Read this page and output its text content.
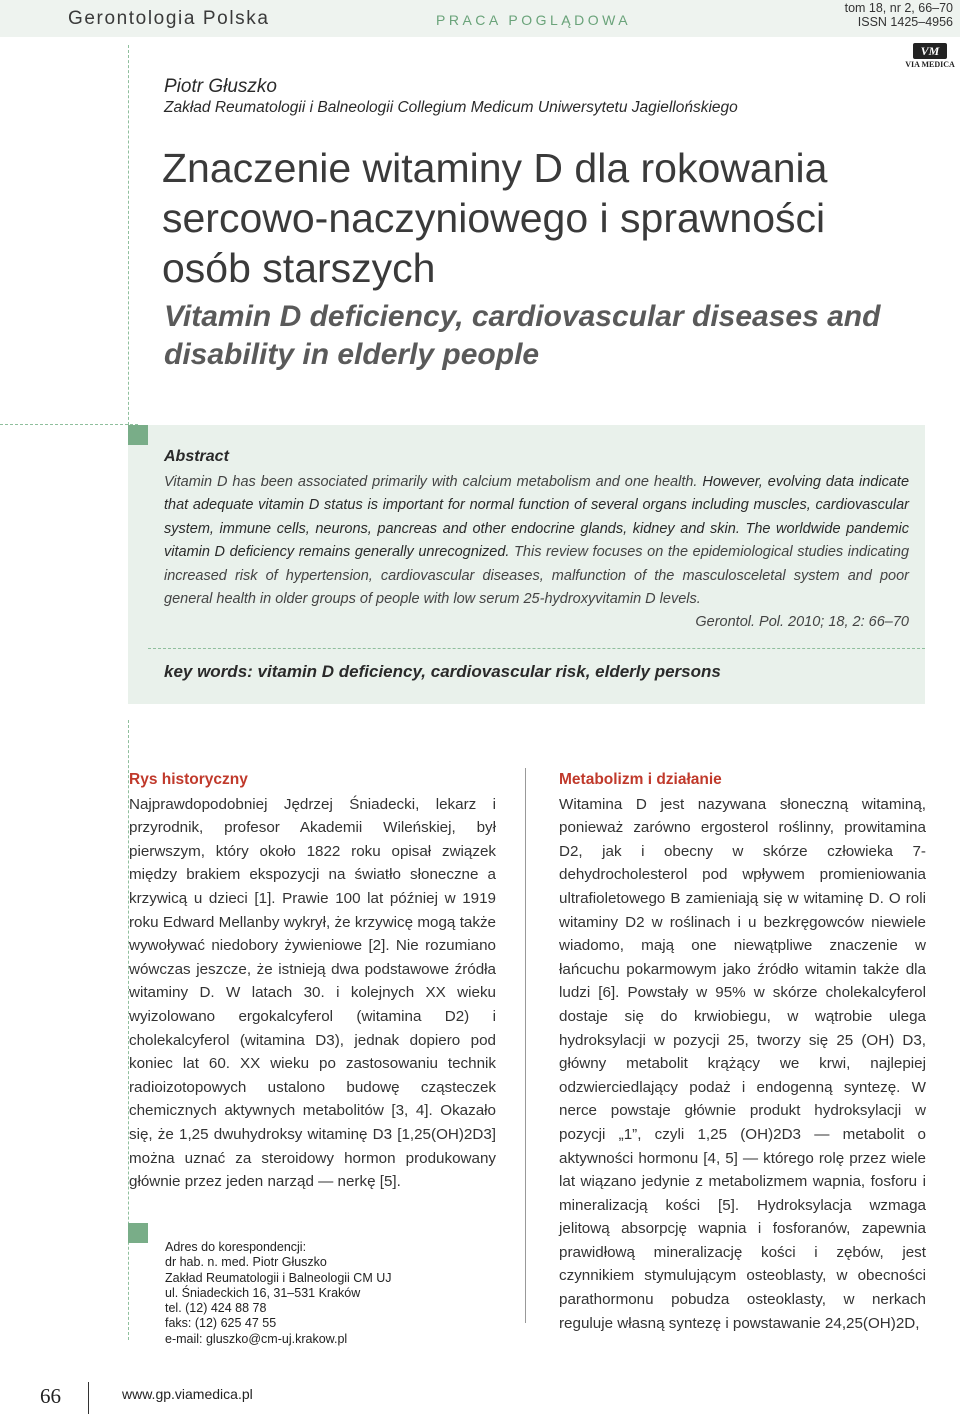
Gerontologia Polska	PRACA POGLĄDOWA
tom 18, nr 2, 66–70
ISSN 1425–4956
VM
VIA MEDICA
Piotr Głuszko
Zakład Reumatologii i Balneologii Collegium Medicum Uniwersytetu Jagiellońskiego
Znaczenie witaminy D dla rokowania sercowo-naczyniowego i sprawności osób starszych
Vitamin D deficiency, cardiovascular diseases and disability in elderly people
Abstract
Vitamin D has been associated primarily with calcium metabolism and one health. However, evolving data indicate that adequate vitamin D status is important for normal function of several organs including muscles, cardiovascular system, immune cells, neurons, pancreas and other endocrine glands, kidney and skin. The worldwide pandemic vitamin D deficiency remains generally unrecognized. This review focuses on the epidemiological studies indicating increased risk of hypertension, cardiovascular diseases, malfunction of the masculosceletal system and poor general health in older groups of people with low serum 25-hydroxyvitamin D levels.
Gerontol. Pol. 2010; 18, 2: 66–70
key words: vitamin D deficiency, cardiovascular risk, elderly persons
Rys historyczny
Najprawdopodobniej Jędrzej Śniadecki, lekarz i przyrodnik, profesor Akademii Wileńskiej, był pierwszym, który około 1822 roku opisał związek między brakiem ekspozycji na światło słoneczne a krzywicą u dzieci [1]. Prawie 100 lat później w 1919 roku Edward Mellanby wykrył, że krzywicę mogą także wywoływać niedobory żywieniowe [2]. Nie rozumiano wówczas jeszcze, że istnieją dwa podstawowe źródła witaminy D. W latach 30. i kolejnych XX wieku wyizolowano ergokalcyferol (witamina D2) i cholekalcyferol (witamina D3), jednak dopiero pod koniec lat 60. XX wieku po zastosowaniu technik radioizotopowych ustalono budowę cząsteczek chemicznych aktywnych metabolitów [3, 4]. Okazało się, że 1,25 dwuhydroksy witaminę D3 [1,25(OH)2D3] można uznać za steroidowy hormon produkowany głównie przez jeden narząd — nerkę [5].
Metabolizm i działanie
Witamina D jest nazywana słoneczną witaminą, ponieważ zarówno ergosterol roślinny, prowitamina D2, jak i obecny w skórze człowieka 7-dehydrocholesterol pod wpływem promieniowania ultrafioletowego B zamieniają się w witaminę D. O roli witaminy D2 w roślinach i u bezkręgowców niewiele wiadomo, mają one niewątpliwe znaczenie w łańcuchu pokarmowym jako źródło witamin także dla ludzi [6]. Powstały w 95% w skórze cholekalcyferol dostaje się do krwiobiegu, w wątrobie ulega hydroksylacji w pozycji 25, tworzy się 25 (OH) D3, główny metabolit krążący we krwi, najlepiej odzwierciedlający podaż i endogenną syntezę. W nerce powstaje głównie produkt hydroksylacji w pozycji „1”, czyli 1,25 (OH)2D3 — metabolit o aktywności hormonu [4, 5] — którego rolę przez wiele lat wiązano jedynie z metabolizmem wapnia, fosforu i mineralizacją kości [5]. Hydroksylacja wzmaga jelitową absorpcję wapnia i fosforanów, zapewnia prawidłową mineralizację kości i zębów, jest czynnikiem stymulującym osteoblasty, w obecności parathormonu pobudza osteoklasty, w nerkach reguluje własną syntezę i powstawanie 24,25(OH)2D,
Adres do korespondencji:
dr hab. n. med. Piotr Głuszko
Zakład Reumatologii i Balneologii CM UJ
ul. Śniadeckich 16, 31–531 Kraków
tel. (12) 424 88 78
faks: (12) 625 47 55
e-mail: gluszko@cm-uj.krakow.pl
66	www.gp.viamedica.pl
